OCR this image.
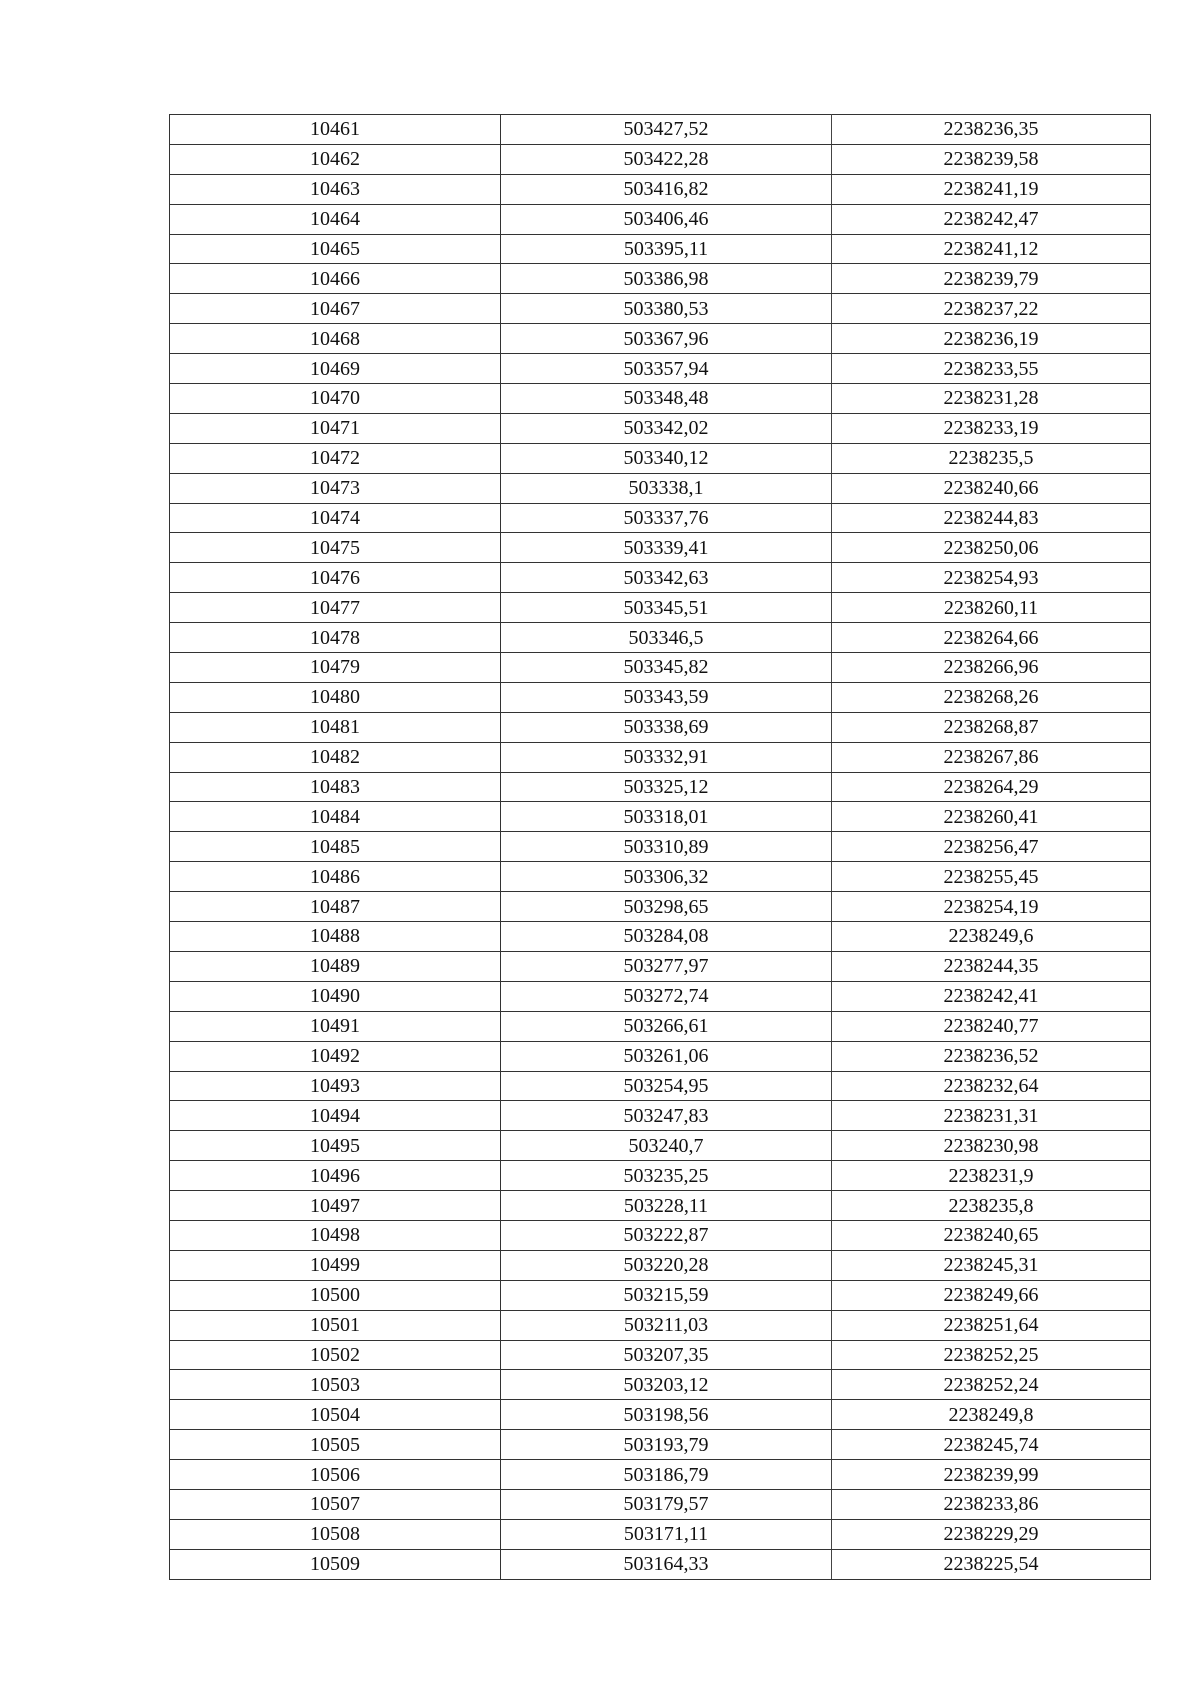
10461	503427,52	2238236,35
10462	503422,28	2238239,58
10463	503416,82	2238241,19
10464	503406,46	2238242,47
10465	503395,11	2238241,12
10466	503386,98	2238239,79
10467	503380,53	2238237,22
10468	503367,96	2238236,19
10469	503357,94	2238233,55
10470	503348,48	2238231,28
10471	503342,02	2238233,19
10472	503340,12	2238235,5
10473	503338,1	2238240,66
10474	503337,76	2238244,83
10475	503339,41	2238250,06
10476	503342,63	2238254,93
10477	503345,51	2238260,11
10478	503346,5	2238264,66
10479	503345,82	2238266,96
10480	503343,59	2238268,26
10481	503338,69	2238268,87
10482	503332,91	2238267,86
10483	503325,12	2238264,29
10484	503318,01	2238260,41
10485	503310,89	2238256,47
10486	503306,32	2238255,45
10487	503298,65	2238254,19
10488	503284,08	2238249,6
10489	503277,97	2238244,35
10490	503272,74	2238242,41
10491	503266,61	2238240,77
10492	503261,06	2238236,52
10493	503254,95	2238232,64
10494	503247,83	2238231,31
10495	503240,7	2238230,98
10496	503235,25	2238231,9
10497	503228,11	2238235,8
10498	503222,87	2238240,65
10499	503220,28	2238245,31
10500	503215,59	2238249,66
10501	503211,03	2238251,64
10502	503207,35	2238252,25
10503	503203,12	2238252,24
10504	503198,56	2238249,8
10505	503193,79	2238245,74
10506	503186,79	2238239,99
10507	503179,57	2238233,86
10508	503171,11	2238229,29
10509	503164,33	2238225,54
